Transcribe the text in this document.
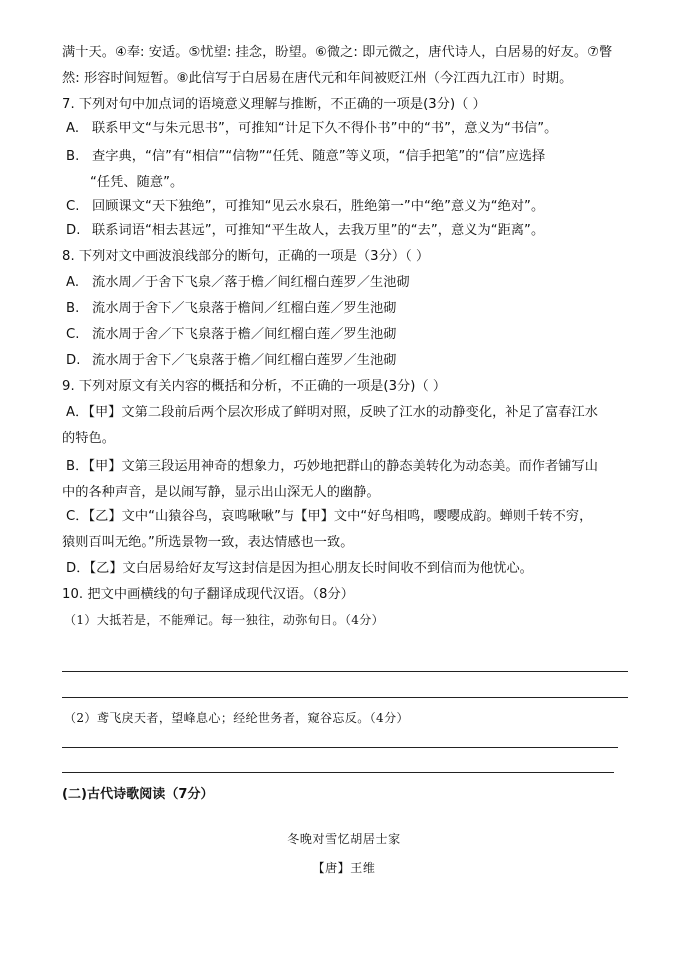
满十天。④奉: 安适。⑤忧望: 挂念，盼望。⑥微之: 即元微之，唐代诗人，白居易的好友。⑦瞥
然: 形容时间短暂。⑧此信写于白居易在唐代元和年间被贬江州（今江西九江市）时期。
7. 下列对句中加点词的语境意义理解与推断，不正确的一项是(3分)（ ）
A. 联系甲文“与朱元思书”，可推知“计足下久不得仆书”中的“书”，意义为“书信”。
B. 查字典，“信”有“相信”“信物”“任凭、随意”等义项，“信手把笔”的“信”应选择
“任凭、随意”。
C. 回顾课文“天下独绝”，可推知“见云水泉石，胜绝第一”中“绝”意义为“绝对”。
D. 联系词语“相去甚远”，可推知“平生故人，去我万里”的“去”，意义为“距离”。
8. 下列对文中画波浪线部分的断句，正确的一项是（3分）（ ）
A. 流水周／于舍下飞泉／落于檐／间红榴白莲罗／生池砌
B. 流水周于舍下／飞泉落于檐间／红榴白莲／罗生池砌
C. 流水周于舍／下飞泉落于檐／间红榴白莲／罗生池砌
D. 流水周于舍下／飞泉落于檐／间红榴白莲罗／生池砌
9. 下列对原文有关内容的概括和分析，不正确的一项是(3分)（ ）
A．【甲】文第二段前后两个层次形成了鲜明对照，反映了江水的动静变化，补足了富春江水
的特色。
B．【甲】文第三段运用神奇的想象力，巧妙地把群山的静态美转化为动态美。而作者铺写山
中的各种声音，是以闹写静，显示出山深无人的幽静。
C．【乙】文中“山猿谷鸟，哀鸣啾啾”与【甲】文中“好鸟相鸣，嘤嘤成韵。蝉则千转不穷，
猿则百叫无绝。”所选景物一致，表达情感也一致。
D．【乙】文白居易给好友写这封信是因为担心朋友长时间收不到信而为他忧心。
10. 把文中画横线的句子翻译成现代汉语。（8分）
（1）大抵若是，不能殚记。每一独往，动弥旬日。（4分）
（2）鸢飞戾天者，望峰息心；经纶世务者，窥谷忘反。（4分）
(二)古代诗歌阅读（7分）
冬晚对雪忆胡居士家
【唐】王维
